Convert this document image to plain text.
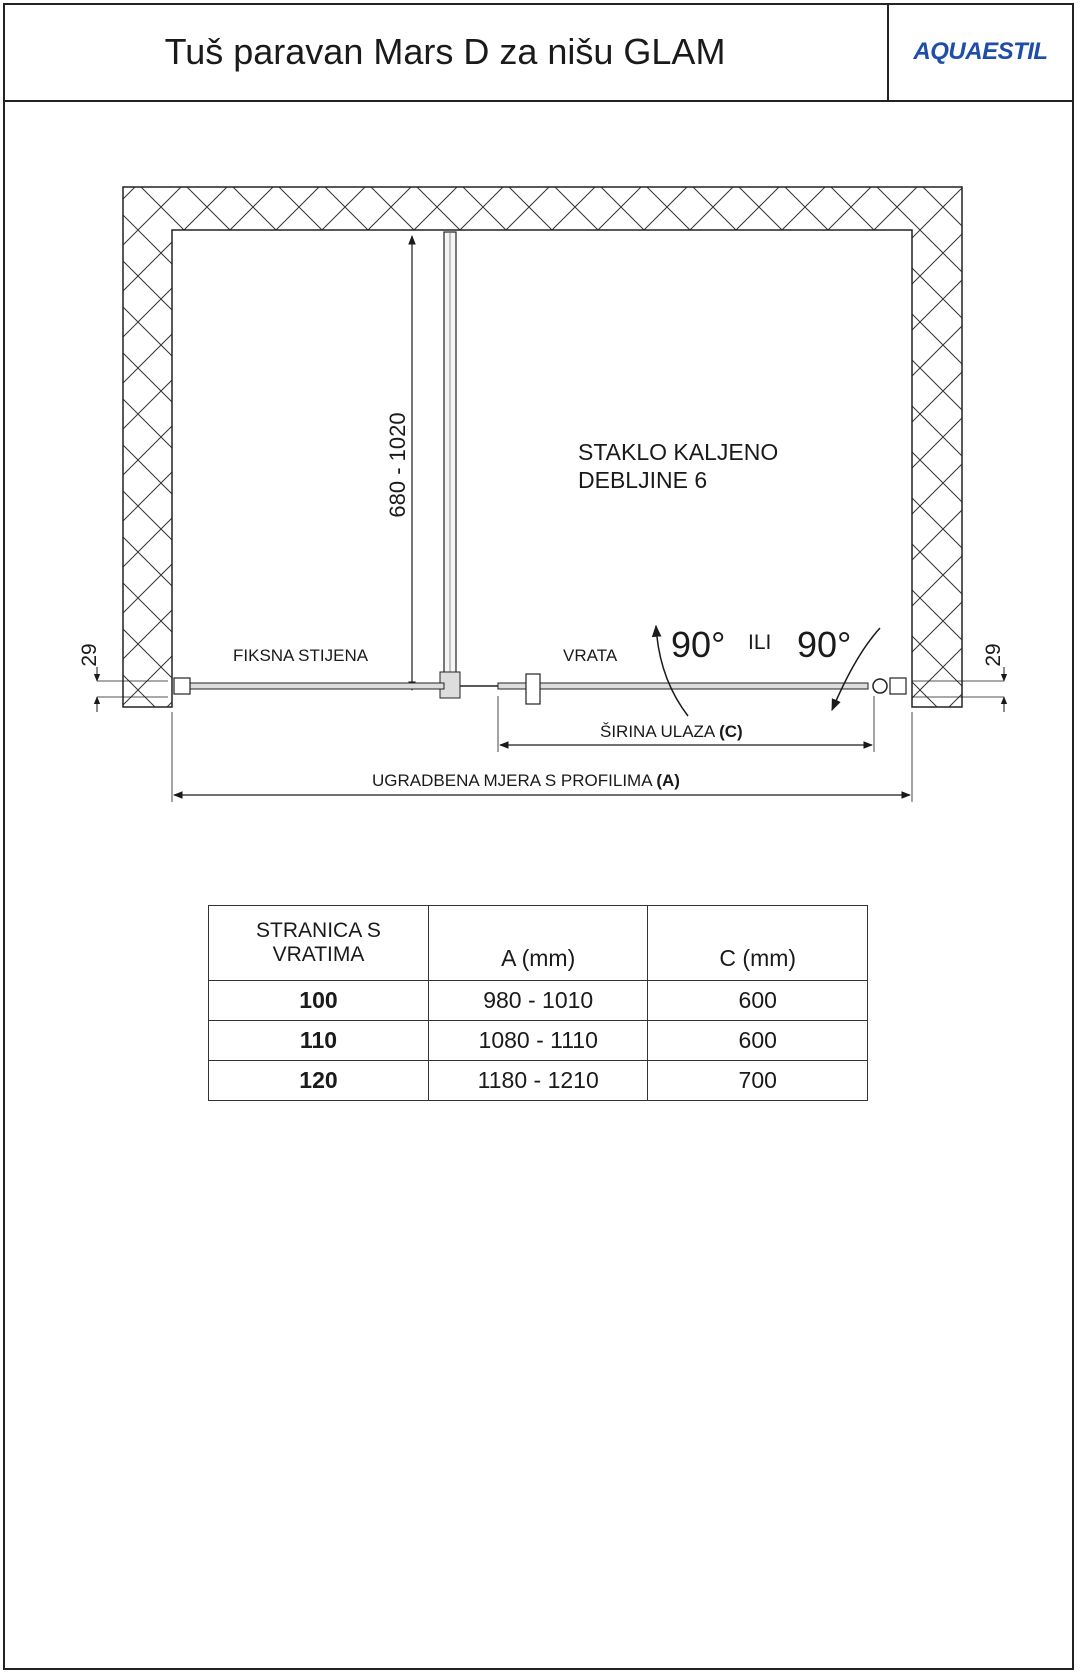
Tuš paravan Mars D za nišu GLAM	AQUAESTIL
680 - 1020	STAKLO KALJENO
DEBLJINE 6
FIKSNA STIJENA	VRATA 90° ILI 90°
29	29
ŠIRINA ULAZA (C)
UGRADBENA MJERA S PROFILIMA (A)
STRANICA S VRATIMA	A (mm)	C (mm)
100	980 - 1010	600
110	1080 - 1110	600
120	1180 - 1210	700
